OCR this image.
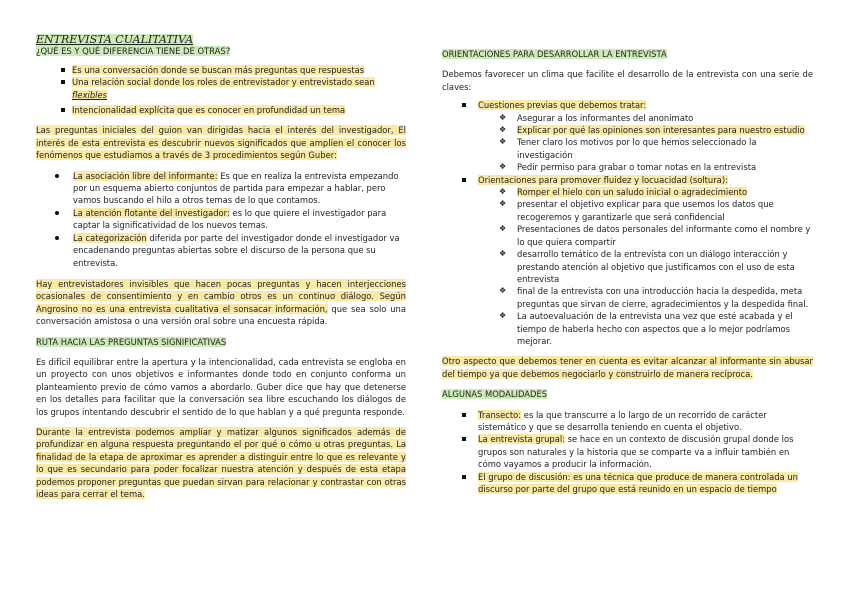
ENTREVISTA CUALITATIVA
¿QUÉ ES Y QUÉ DIFERENCIA TIENE DE OTRAS?
Es una conversación donde se buscan más preguntas que respuestas
Una relación social donde los roles de entrevistador y entrevistado sean flexibles
Intencionalidad explícita que es conocer en profundidad un tema

Las preguntas iniciales del guion van dirigidas hacia el interés del investigador, El interés de esta entrevista es descubrir nuevos significados que amplíen el conocer los fenómenos que estudiamos a través de 3 procedimientos según Guber:

La asociación libre del informante: Es que en realiza la entrevista empezando por un esquema abierto conjuntos de partida para empezar a hablar, pero vamos buscando el hilo a otros temas de lo que contamos.
La atención flotante del investigador: es lo que quiere el investigador para captar la significatividad de los nuevos temas.
La categorización diferida por parte del investigador donde el investigador va encadenando preguntas abiertas sobre el discurso de la persona que su entrevista.

Hay entrevistadores invisibles que hacen pocas preguntas y hacen interjecciones ocasionales de consentimiento y en cambio otros es un continuo diálogo. Según Angrosino no es una entrevista cualitativa el sonsacar información, que sea solo una conversación amistosa o una versión oral sobre una encuesta rápida.

RUTA HACIA LAS PREGUNTAS SIGNIFICATIVAS

Es difícil equilibrar entre la apertura y la intencionalidad, cada entrevista se engloba en un proyecto con unos objetivos e informantes donde todo en conjunto conforma un planteamiento previo de cómo vamos a abordarlo. Guber dice que hay que detenerse en los detalles para facilitar que la conversación sea libre escuchando los diálogos de los grupos intentando descubrir el sentido de lo que hablan y a qué pregunta responde.

Durante la entrevista podemos ampliar y matizar algunos significados además de profundizar en alguna respuesta preguntando el por qué o cómo u otras preguntas. La finalidad de la etapa de aproximar es aprender a distinguir entre lo que es relevante y lo que es secundario para poder focalizar nuestra atención y después de esta etapa podemos proponer preguntas que puedan sirvan para relacionar y contrastar con otras ideas para cerrar el tema.

ORIENTACIONES PARA DESARROLLAR LA ENTREVISTA

Debemos favorecer un clima que facilite el desarrollo de la entrevista con una serie de claves:

Cuestiones previas que debemos tratar:
❖ Asegurar a los informantes del anonimato
❖ Explicar por qué las opiniones son interesantes para nuestro estudio
❖ Tener claro los motivos por lo que hemos seleccionado la investigación
❖ Pedir permiso para grabar o tomar notas en la entrevista
Orientaciones para promover fluidez y locuacidad (soltura):
❖ Romper el hielo con un saludo inicial o agradecimiento
❖ presentar el objetivo explicar para que usemos los datos que recogeremos y garantizarle que será confidencial
❖ Presentaciones de datos personales del informante como el nombre y lo que quiera compartir
❖ desarrollo temático de la entrevista con un diálogo interacción y prestando atención al objetivo que justificamos con el uso de esta entrevista
❖ final de la entrevista con una introducción hacia la despedida, meta preguntas que sirvan de cierre, agradecimientos y la despedida final.
❖ La autoevaluación de la entrevista una vez que esté acabada y el tiempo de haberla hecho con aspectos que a lo mejor podríamos mejorar.

Otro aspecto que debemos tener en cuenta es evitar alcanzar al informante sin abusar del tiempo ya que debemos negociarlo y construirlo de manera recíproca.

ALGUNAS MODALIDADES
Transecto: es la que transcurre a lo largo de un recorrido de carácter sistemático y que se desarrolla teniendo en cuenta el objetivo.
La entrevista grupal: se hace en un contexto de discusión grupal donde los grupos son naturales y la historia que se comparte va a influir también en cómo vayamos a producir la información.
El grupo de discusión: es una técnica que produce de manera controlada un discurso por parte del grupo que está reunido en un espacio de tiempo
